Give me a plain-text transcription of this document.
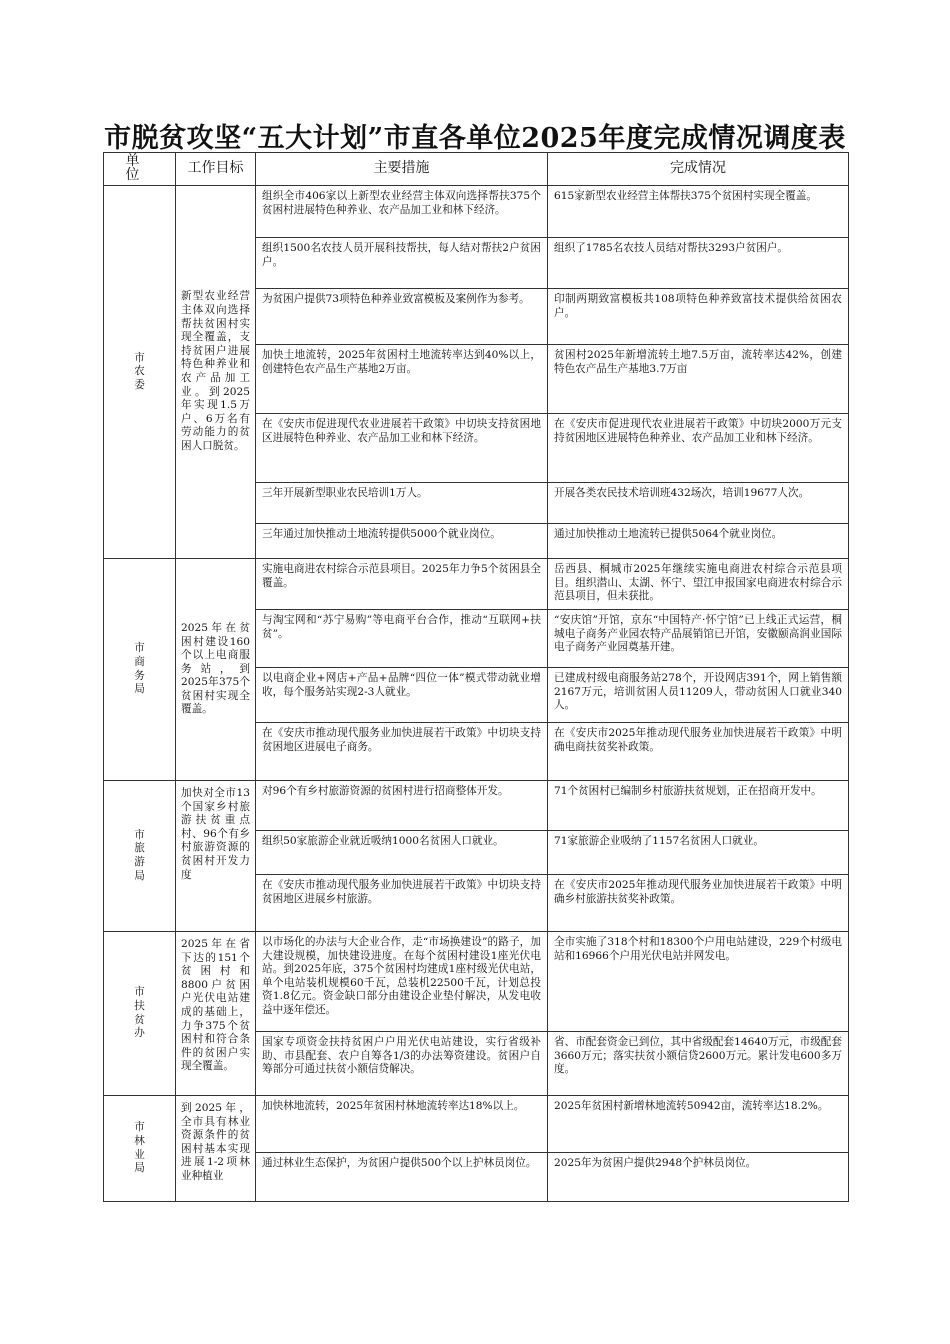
市脱贫攻坚“五大计划”市直各单位2025年度完成情况调度表
单 位	工作目标	主要措施	完成情况
市农委	新型农业经营主体双向选择帮扶贫困村实现全覆盖，支持贫困户进展特色种养业和农产品加工业。到2025年实现1.5万户、6万名有劳动能力的贫困人口脱贫。	组织全市406家以上新型农业经营主体双向选择帮扶375个贫困村进展特色种养业、农产品加工业和林下经济。	615家新型农业经营主体帮扶375个贫困村实现全覆盖。
		组织1500名农技人员开展科技帮扶，每人结对帮扶2户贫困户。	组织了1785名农技人员结对帮扶3293户贫困户。
		为贫困户提供73项特色种养业致富模板及案例作为参考。	印制两期致富模板共108项特色种养致富技术提供给贫困农户。
		加快土地流转，2025年贫困村土地流转率达到40%以上，创建特色农产品生产基地2万亩。	贫困村2025年新增流转土地7.5万亩，流转率达42%，创建特色农产品生产基地3.7万亩
		在《安庆市促进现代农业进展若干政策》中切块支持贫困地区进展特色种养业、农产品加工业和林下经济。	在《安庆市促进现代农业进展若干政策》中切块2000万元支持贫困地区进展特色种养业、农产品加工业和林下经济。
		三年开展新型职业农民培训1万人。	开展各类农民技术培训班432场次，培训19677人次。
		三年通过加快推动土地流转提供5000个就业岗位。	通过加快推动土地流转已提供5064个就业岗位。
市商务局	2025年在贫困村建设160个以上电商服务站，到2025年375个贫困村实现全覆盖。	实施电商进农村综合示范县项目。2025年力争5个贫困县全覆盖。	岳西县、桐城市2025年继续实施电商进农村综合示范县项目。组织潜山、太湖、怀宁、望江申报国家电商进农村综合示范县项目，但未获批。
		与淘宝网和“苏宁易购”等电商平台合作，推动“互联网+扶贫”。	“安庆馆”开馆，京东“中国特产·怀宁馆”已上线正式运营，桐城电子商务产业园农特产品展销馆已开馆，安徽颐高润业国际电子商务产业园奠基开建。
		以电商企业+网店+产品+品牌“四位一体”模式带动就业增收，每个服务站实现2-3人就业。	已建成村级电商服务站278个，开设网店391个，网上销售额2167万元，培训贫困人员11209人，带动贫困人口就业340人。
		在《安庆市推动现代服务业加快进展若干政策》中切块支持贫困地区进展电子商务。	在《安庆市2025年推动现代服务业加快进展若干政策》中明确电商扶贫奖补政策。
市旅游局	加快对全市13个国家乡村旅游扶贫重点村、96个有乡村旅游资源的贫困村开发力度	对96个有乡村旅游资源的贫困村进行招商整体开发。	71个贫困村已编制乡村旅游扶贫规划，正在招商开发中。
		组织50家旅游企业就近吸纳1000名贫困人口就业。	71家旅游企业吸纳了1157名贫困人口就业。
		在《安庆市推动现代服务业加快进展若干政策》中切块支持贫困地区进展乡村旅游。	在《安庆市2025年推动现代服务业加快进展若干政策》中明确乡村旅游扶贫奖补政策。
市扶贫办	2025年在省下达的151个贫困村和8800户贫困户光伏电站建成的基础上，力争375个贫困村和符合条件的贫困户实现全覆盖。	以市场化的办法与大企业合作，走“市场换建设”的路子，加大建设规模，加快建设进度。在每个贫困村建设1座光伏电站。到2025年底，375个贫困村均建成1座村级光伏电站，单个电站装机规模60千瓦，总装机22500千瓦，计划总投资1.8亿元。资金缺口部分由建设企业垫付解决，从发电收益中逐年偿还。	全市实施了318个村和18300个户用电站建设，229个村级电站和16966个户用光伏电站并网发电。
		国家专项资金扶持贫困户户用光伏电站建设，实行省级补助、市县配套、农户自筹各1/3的办法筹资建设。贫困户自筹部分可通过扶贫小额信贷解决。	省、市配套资金已到位，其中省级配套14640万元，市级配套3660万元；落实扶贫小额信贷2600万元。累计发电600多万度。
市林业局	到2025年，全市具有林业资源条件的贫困村基本实现进展1-2项林业种植业	加快林地流转，2025年贫困村林地流转率达18%以上。	2025年贫困村新增林地流转50942亩，流转率达18.2%。
		通过林业生态保护，为贫困户提供500个以上护林员岗位。	2025年为贫困户提供2948个护林员岗位。
